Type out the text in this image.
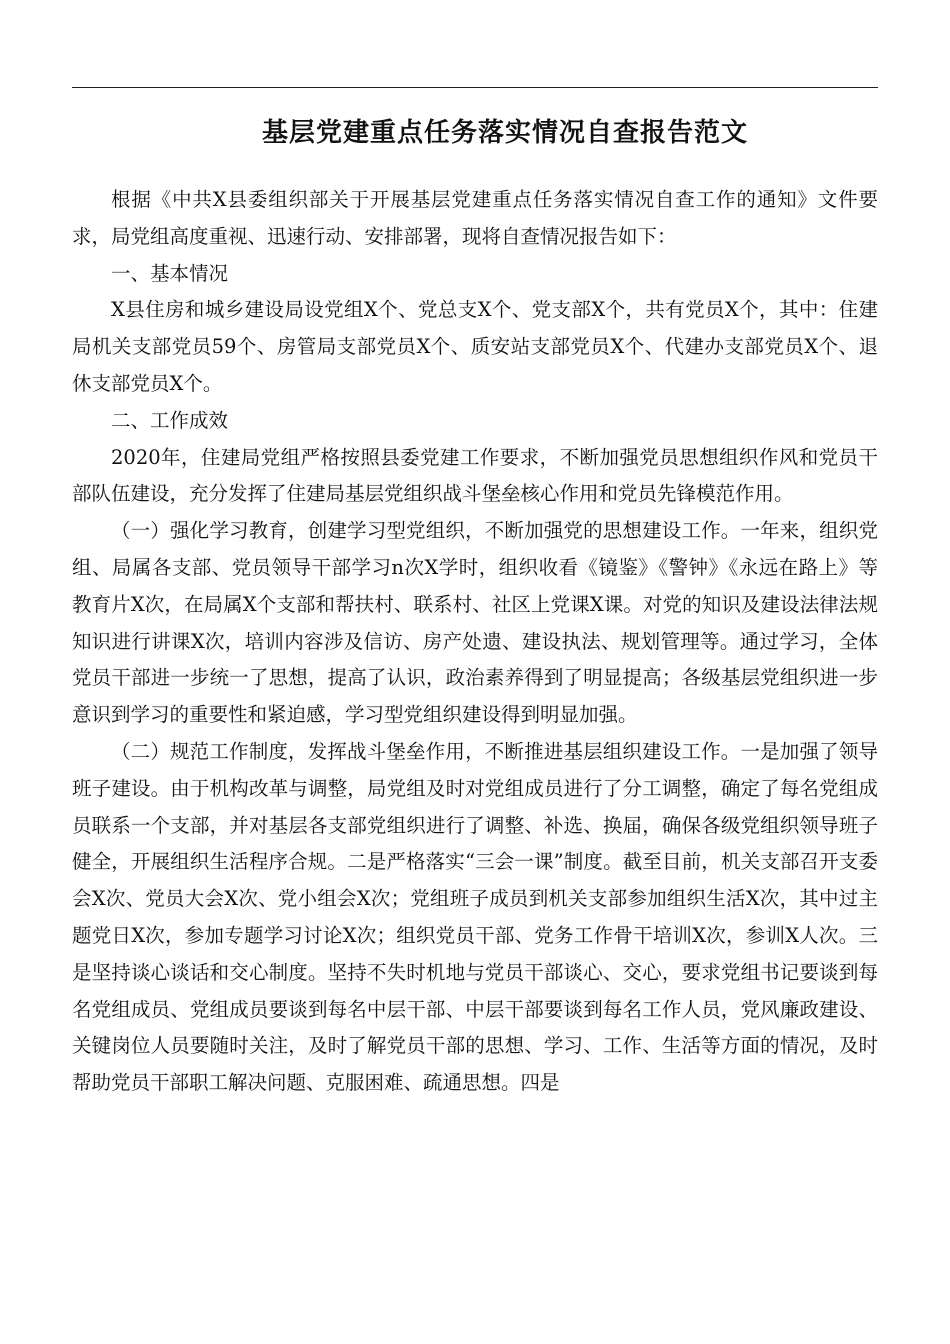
基层党建重点任务落实情况自查报告范文

根据《中共X县委组织部关于开展基层党建重点任务落实情况自查工作的通知》文件要求，局党组高度重视、迅速行动、安排部署，现将自查情况报告如下：

一、基本情况

X县住房和城乡建设局设党组X个、党总支X个、党支部X个，共有党员X个，其中：住建局机关支部党员59个、房管局支部党员X个、质安站支部党员X个、代建办支部党员X个、退休支部党员X个。

二、工作成效

2020年，住建局党组严格按照县委党建工作要求，不断加强党员思想组织作风和党员干部队伍建设，充分发挥了住建局基层党组织战斗堡垒核心作用和党员先锋模范作用。

（一）强化学习教育，创建学习型党组织，不断加强党的思想建设工作。一年来，组织党组、局属各支部、党员领导干部学习n次X学时，组织收看《镜鉴》《警钟》《永远在路上》等教育片X次，在局属X个支部和帮扶村、联系村、社区上党课X课。对党的知识及建设法律法规知识进行讲课X次，培训内容涉及信访、房产处遗、建设执法、规划管理等。通过学习，全体党员干部进一步统一了思想，提高了认识，政治素养得到了明显提高；各级基层党组织进一步意识到学习的重要性和紧迫感，学习型党组织建设得到明显加强。

（二）规范工作制度，发挥战斗堡垒作用，不断推进基层组织建设工作。一是加强了领导班子建设。由于机构改革与调整，局党组及时对党组成员进行了分工调整，确定了每名党组成员联系一个支部，并对基层各支部党组织进行了调整、补选、换届，确保各级党组织领导班子健全，开展组织生活程序合规。二是严格落实“三会一课”制度。截至目前，机关支部召开支委会X次、党员大会X次、党小组会X次；党组班子成员到机关支部参加组织生活X次，其中过主题党日X次，参加专题学习讨论X次；组织党员干部、党务工作骨干培训X次，参训X人次。三是坚持谈心谈话和交心制度。坚持不失时机地与党员干部谈心、交心，要求党组书记要谈到每名党组成员、党组成员要谈到每名中层干部、中层干部要谈到每名工作人员，党风廉政建设、关键岗位人员要随时关注，及时了解党员干部的思想、学习、工作、生活等方面的情况，及时帮助党员干部职工解决问题、克服困难、疏通思想。四是
